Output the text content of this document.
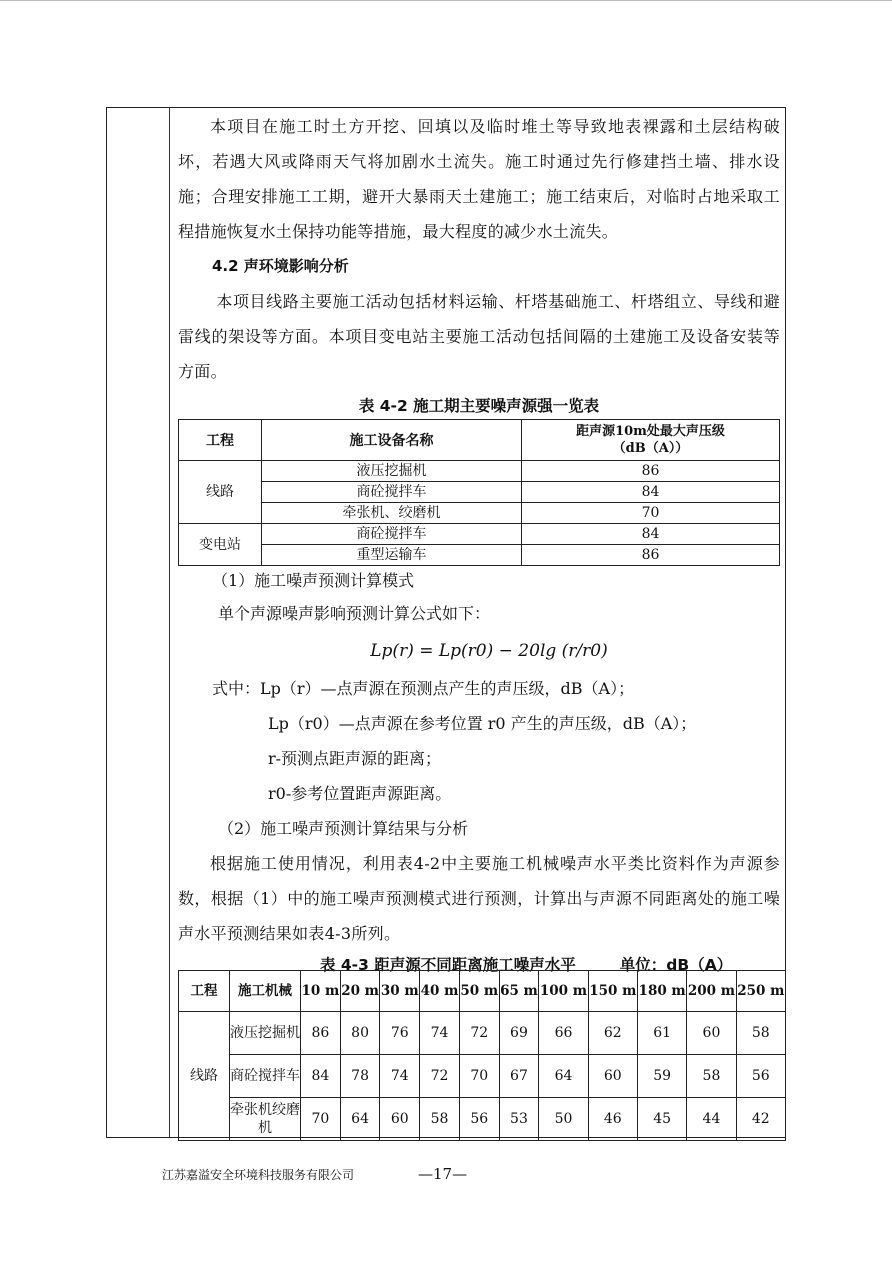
本项目在施工时土方开挖、回填以及临时堆土等导致地表裸露和土层结构破坏，若遇大风或降雨天气将加剧水土流失。施工时通过先行修建挡土墙、排水设施；合理安排施工工期，避开大暴雨天土建施工；施工结束后，对临时占地采取工程措施恢复水土保持功能等措施，最大程度的减少水土流失。

4.2 声环境影响分析

本项目线路主要施工活动包括材料运输、杆塔基础施工、杆塔组立、导线和避雷线的架设等方面。本项目变电站主要施工活动包括间隔的土建施工及设备安装等方面。

表 4-2 施工期主要噪声源强一览表
工程	施工设备名称	距声源10m处最大声压级
（dB（A））

线路	液压挖掘机	86
	商砼搅拌车	84
	牵张机、绞磨机	70
变电站	商砼搅拌车	84
	重型运输车	86

（1）施工噪声预测计算模式

单个声源噪声影响预测计算公式如下：

Lp(r) = Lp(r0) − 20lg (r/r0)

式中：Lp（r）—点声源在预测点产生的声压级，dB（A）；

Lp（r0）—点声源在参考位置 r0 产生的声压级，dB（A）；

r-预测点距声源的距离；

r0-参考位置距声源距离。

（2）施工噪声预测计算结果与分析

根据施工使用情况，利用表4-2中主要施工机械噪声水平类比资料作为声源参数，根据（1）中的施工噪声预测模式进行预测，计算出与声源不同距离处的施工噪声水平预测结果如表4-3所列。

表 4-3 距声源不同距离施工噪声水平	单位：dB（A）
工程	施工机械	10 m	20 m	30 m	40 m	50 m	65 m	100 m	150 m	180 m	200 m	250 m
线路	液压挖掘机	86	80	76	74	72	69	66	62	61	60	58
	商砼搅拌车	84	78	74	72	70	67	64	60	59	58	56
	牵张机绞磨机	70	64	60	58	56	53	50	46	45	44	42
江苏嘉溢安全环境科技服务有限公司	—17—
